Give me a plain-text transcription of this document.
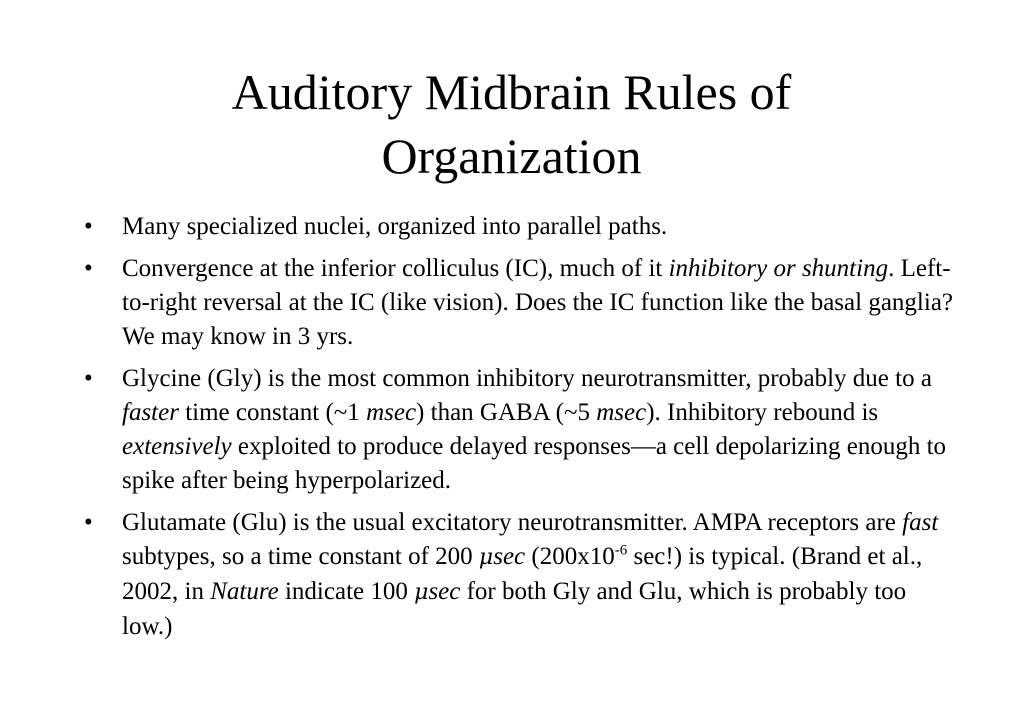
Auditory Midbrain Rules of
Organization
• Many specialized nuclei, organized into parallel paths.
• Convergence at the inferior colliculus (IC), much of it inhibitory or shunting. Left-to-right reversal at the IC (like vision). Does the IC function like the basal ganglia? We may know in 3 yrs.
• Glycine (Gly) is the most common inhibitory neurotransmitter, probably due to a faster time constant (~1 msec) than GABA (~5 msec). Inhibitory rebound is extensively exploited to produce delayed responses—a cell depolarizing enough to spike after being hyperpolarized.
• Glutamate (Glu) is the usual excitatory neurotransmitter. AMPA receptors are fast subtypes, so a time constant of 200 μsec ($200x10^{-6}$ sec!) is typical. (Brand et al., 2002, in Nature indicate 100 μsec for both Gly and Glu, which is probably too low.)
